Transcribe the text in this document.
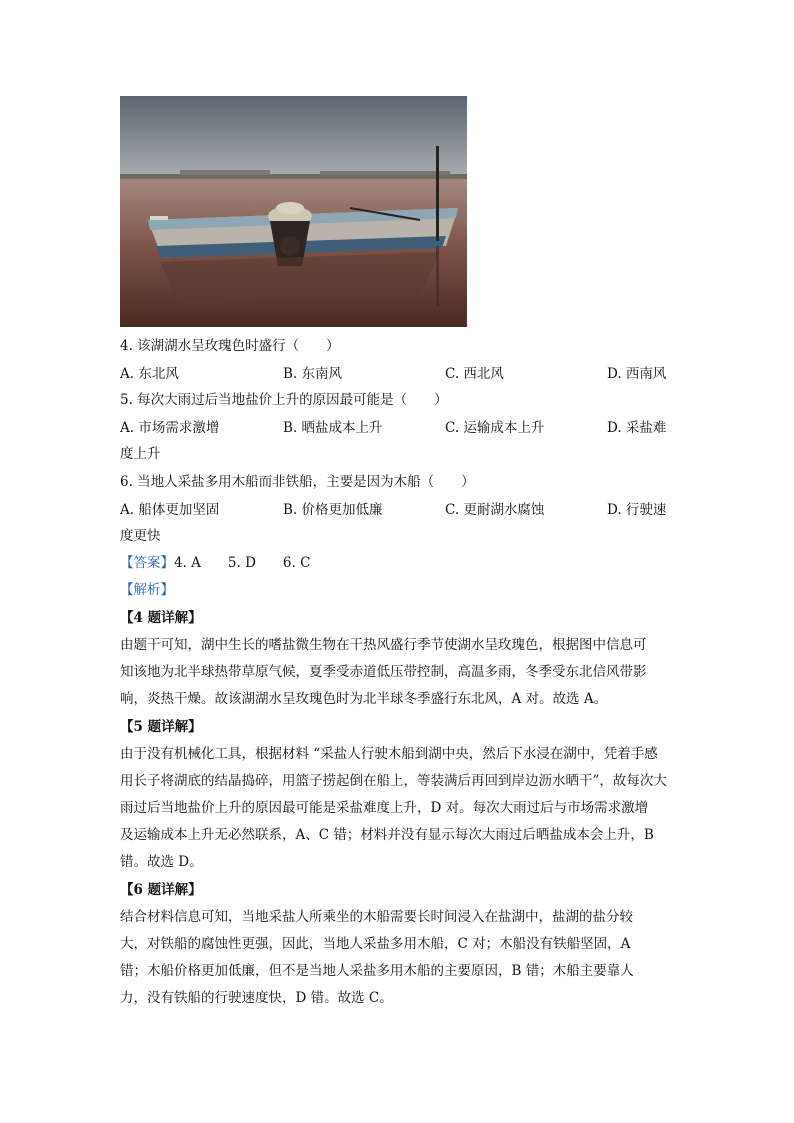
4. 该湖湖水呈玫瑰色时盛行（　　）
A. 东北风	B. 东南风	C. 西北风	D. 西南风
5. 每次大雨过后当地盐价上升的原因最可能是（　　）
A. 市场需求激增	B. 晒盐成本上升	C. 运输成本上升	D. 采盐难
度上升
6. 当地人采盐多用木船而非铁船，主要是因为木船（　　）
A. 船体更加坚固	B. 价格更加低廉	C. 更耐湖水腐蚀	D. 行驶速
度更快
【答案】4. A　　5. D　　6. C
【解析】
【4 题详解】
由题干可知，湖中生长的嗜盐微生物在干热风盛行季节使湖水呈玫瑰色，根据图中信息可
知该地为北半球热带草原气候，夏季受赤道低压带控制，高温多雨，冬季受东北信风带影
响，炎热干燥。故该湖湖水呈玫瑰色时为北半球冬季盛行东北风，A 对。故选 A。
【5 题详解】
由于没有机械化工具，根据材料 “采盐人行驶木船到湖中央，然后下水浸在湖中，凭着手感
用长子将湖底的结晶捣碎，用篮子捞起倒在船上，等装满后再回到岸边沥水晒干”，故每次大
雨过后当地盐价上升的原因最可能是采盐难度上升，D 对。每次大雨过后与市场需求激增
及运输成本上升无必然联系，A、C 错；材料并没有显示每次大雨过后晒盐成本会上升，B
错。故选 D。
【6 题详解】
结合材料信息可知，当地采盐人所乘坐的木船需要长时间浸入在盐湖中，盐湖的盐分较
大，对铁船的腐蚀性更强，因此，当地人采盐多用木船，C 对；木船没有铁船坚固，A
错；木船价格更加低廉，但不是当地人采盐多用木船的主要原因，B 错；木船主要靠人
力，没有铁船的行驶速度快，D 错。故选 C。
